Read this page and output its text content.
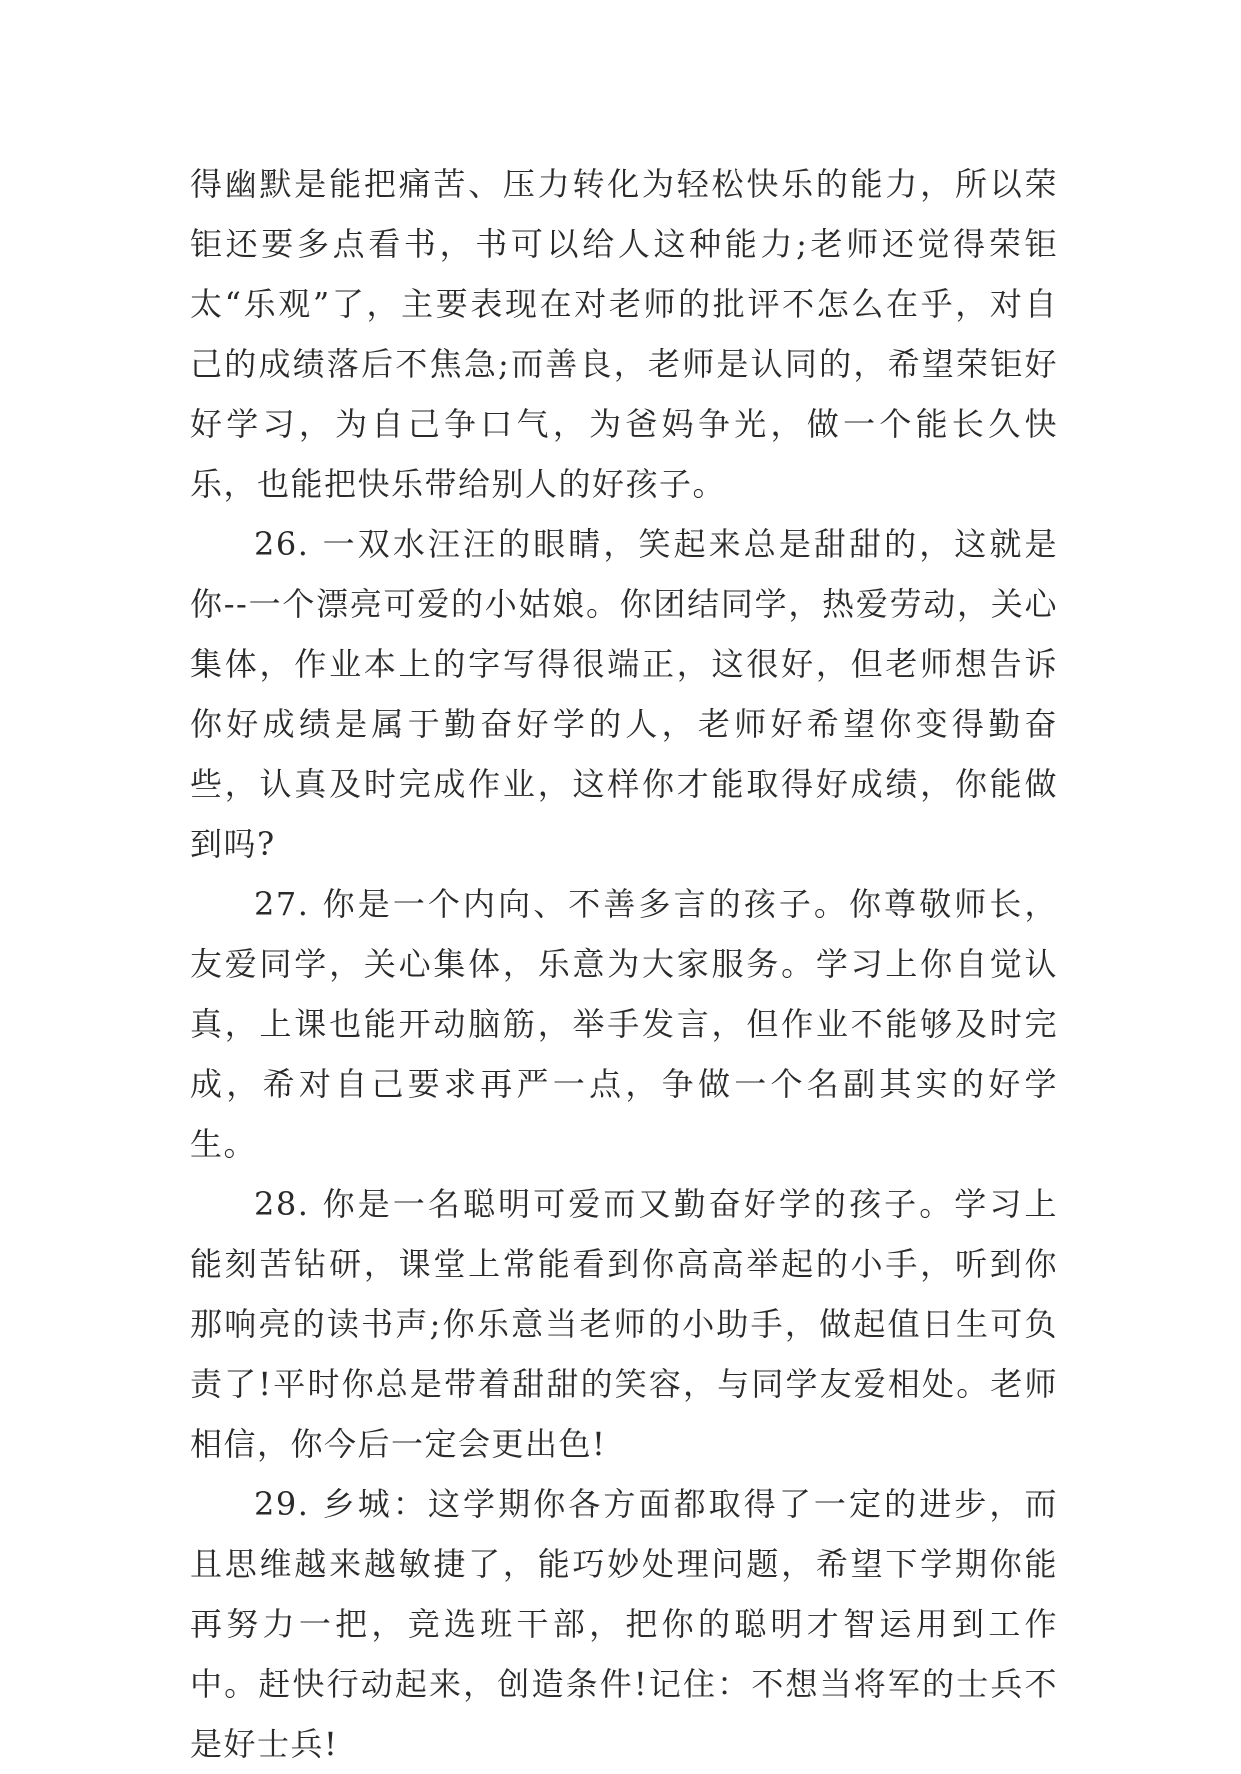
得幽默是能把痛苦、压力转化为轻松快乐的能力，所以荣钜还要多点看书，书可以给人这种能力;老师还觉得荣钜太“乐观”了，主要表现在对老师的批评不怎么在乎，对自己的成绩落后不焦急;而善良，老师是认同的，希望荣钜好好学习，为自己争口气，为爸妈争光，做一个能长久快乐，也能把快乐带给别人的好孩子。

26. 一双水汪汪的眼睛，笑起来总是甜甜的，这就是你--一个漂亮可爱的小姑娘。你团结同学，热爱劳动，关心集体，作业本上的字写得很端正，这很好，但老师想告诉你好成绩是属于勤奋好学的人，老师好希望你变得勤奋些，认真及时完成作业，这样你才能取得好成绩，你能做到吗?

27. 你是一个内向、不善多言的孩子。你尊敬师长，友爱同学，关心集体，乐意为大家服务。学习上你自觉认真，上课也能开动脑筋，举手发言，但作业不能够及时完成，希对自己要求再严一点，争做一个名副其实的好学生。

28. 你是一名聪明可爱而又勤奋好学的孩子。学习上能刻苦钻研，课堂上常能看到你高高举起的小手，听到你那响亮的读书声;你乐意当老师的小助手，做起值日生可负责了!平时你总是带着甜甜的笑容，与同学友爱相处。老师相信，你今后一定会更出色!

29. 乡城：这学期你各方面都取得了一定的进步，而且思维越来越敏捷了，能巧妙处理问题，希望下学期你能再努力一把，竞选班干部，把你的聪明才智运用到工作中。赶快行动起来，创造条件!记住：不想当将军的士兵不是好士兵!
